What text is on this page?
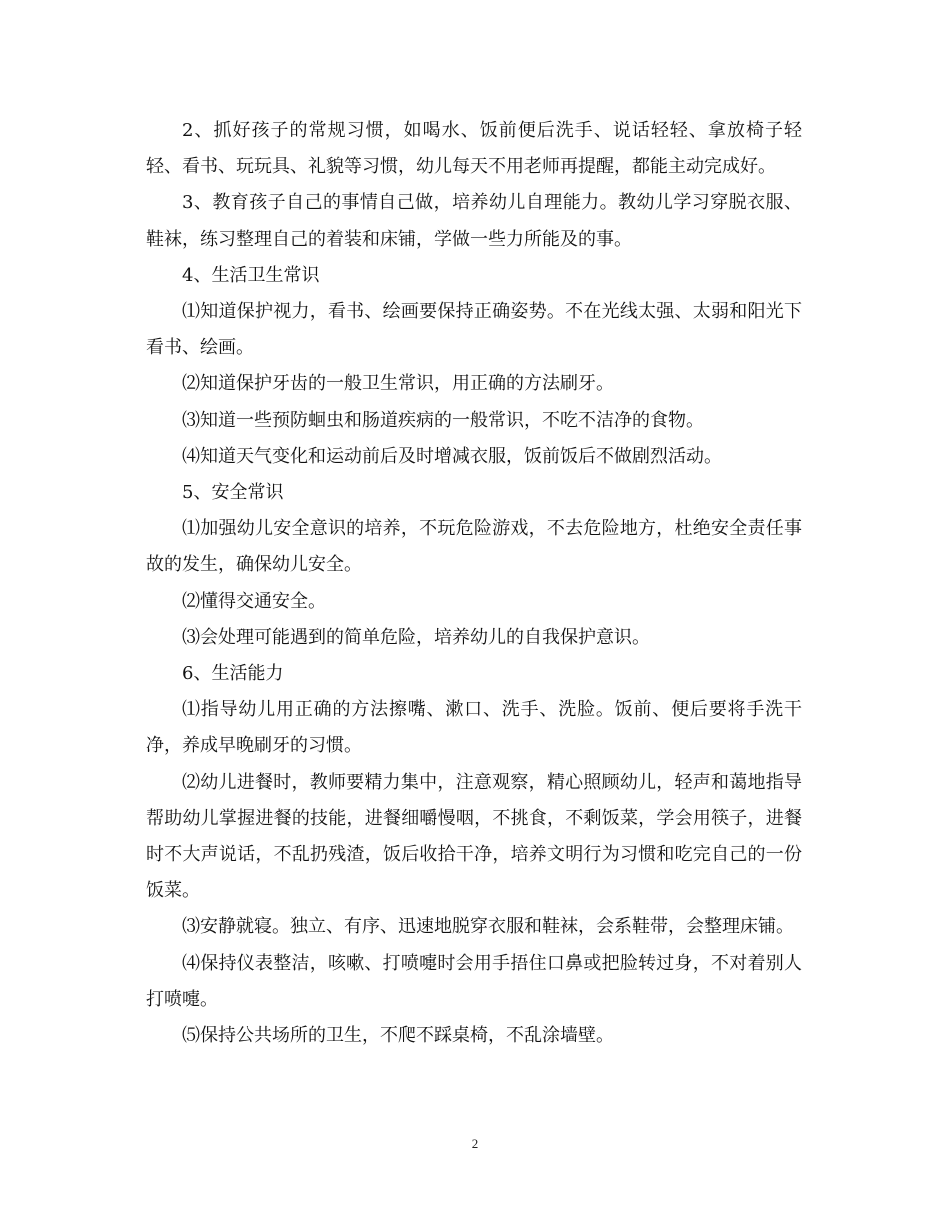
2、抓好孩子的常规习惯，如喝水、饭前便后洗手、说话轻轻、拿放椅子轻轻、看书、玩玩具、礼貌等习惯，幼儿每天不用老师再提醒，都能主动完成好。

3、教育孩子自己的事情自己做，培养幼儿自理能力。教幼儿学习穿脱衣服、鞋袜，练习整理自己的着装和床铺，学做一些力所能及的事。

4、生活卫生常识

⑴知道保护视力，看书、绘画要保持正确姿势。不在光线太强、太弱和阳光下看书、绘画。

⑵知道保护牙齿的一般卫生常识，用正确的方法刷牙。

⑶知道一些预防蛔虫和肠道疾病的一般常识，不吃不洁净的食物。

⑷知道天气变化和运动前后及时增减衣服，饭前饭后不做剧烈活动。

5、安全常识

⑴加强幼儿安全意识的培养，不玩危险游戏，不去危险地方，杜绝安全责任事故的发生，确保幼儿安全。

⑵懂得交通安全。

⑶会处理可能遇到的简单危险，培养幼儿的自我保护意识。

6、生活能力

⑴指导幼儿用正确的方法擦嘴、漱口、洗手、洗脸。饭前、便后要将手洗干净，养成早晚刷牙的习惯。

⑵幼儿进餐时，教师要精力集中，注意观察，精心照顾幼儿，轻声和蔼地指导帮助幼儿掌握进餐的技能，进餐细嚼慢咽，不挑食，不剩饭菜，学会用筷子，进餐时不大声说话，不乱扔残渣，饭后收拾干净，培养文明行为习惯和吃完自己的一份饭菜。

⑶安静就寝。独立、有序、迅速地脱穿衣服和鞋袜，会系鞋带，会整理床铺。

⑷保持仪表整洁，咳嗽、打喷嚏时会用手捂住口鼻或把脸转过身，不对着别人打喷嚏。

⑸保持公共场所的卫生，不爬不踩桌椅，不乱涂墙壁。

2
